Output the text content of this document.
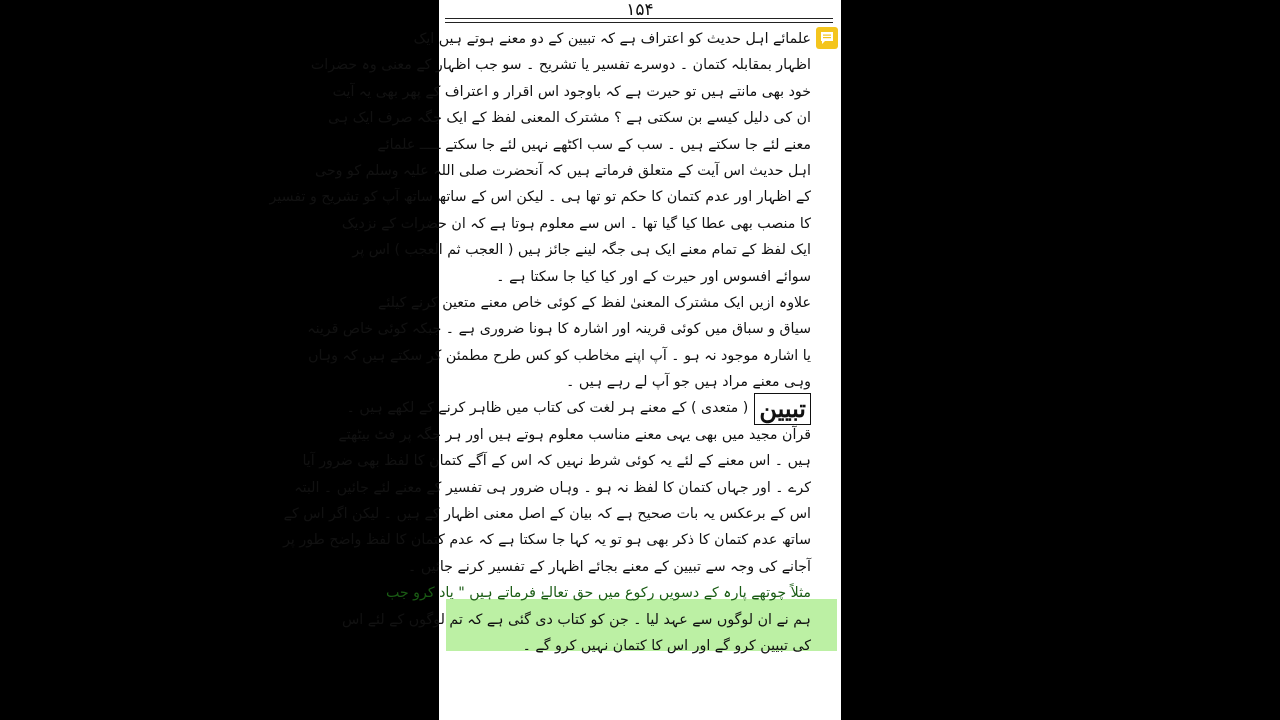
۱۵۴
علمائے اہل حدیث کو اعتراف ہے کہ تبیین کے دو معنے ہوتے ہیں ایک
اظہار بمقابلہ کتمان ۔ دوسرے تفسیر یا تشریح ۔ سو جب اظہار کے معنی وہ حضرات
خود بھی مانتے ہیں تو حیرت ہے کہ باوجود اس اقرار و اعتراف کے پھر بھی یہ آیت
ان کی دلیل کیسے بن سکتی ہے ؟ مشترک المعنی لفظ کے ایک جگہ صرف ایک ہی
معنے لئے جا سکتے ہیں ۔ سب کے سب اکٹھے نہیں لئے جا سکتے ـــــ علمائے
اہل حدیث اس آیت کے متعلق فرماتے ہیں کہ آنحضرت صلی اللہ علیہ وسلم کو وحی
کے اظہار اور عدم کتمان کا حکم تو تھا ہی ۔ لیکن اس کے ساتھ ساتھ آپ کو تشریح و تفسیر
کا منصب بھی عطا کیا گیا تھا ۔ اس سے معلوم ہوتا ہے کہ ان حضرات کے نزدیک
ایک لفظ کے تمام معنے ایک ہی جگہ لینے جائز ہیں ( العجب ثم العجب ) اس پر
سوائے افسوس اور حیرت کے اور کیا کیا جا سکتا ہے ۔
علاوہ ازیں ایک مشترک المعنیٰ لفظ کے کوئی خاص معنے متعین کرنے کیلئے
سیاق و سباق میں کوئی قرینہ اور اشارہ کا ہونا ضروری ہے ۔ جبکہ کوئی خاص قرینہ
یا اشارہ موجود نہ ہو ۔ آپ اپنے مخاطب کو کس طرح مطمئن کر سکتے ہیں کہ وہاں
وہی معنے مراد ہیں جو آپ لے رہے ہیں ۔
تبیین
( متعدی ) کے معنے ہر لغت کی کتاب میں ظاہر کرنے کے لکھے ہیں ۔
قرآن مجید میں بھی یہی معنے مناسب معلوم ہوتے ہیں اور ہر جگہ پر فٹ بیٹھتے
ہیں ۔ اس معنے کے لئے یہ کوئی شرط نہیں کہ اس کے آگے کتمان کا لفظ بھی ضرور آیا
کرے ۔ اور جہاں کتمان کا لفظ نہ ہو ۔ وہاں ضرور ہی تفسیر کے معنے لئے جائیں ۔ البتہ
اس کے برعکس یہ بات صحیح ہے کہ بیان کے اصل معنی اظہار کے ہیں ۔ لیکن اگر اس کے
ساتھ عدم کتمان کا ذکر بھی ہو تو یہ کہا جا سکتا ہے کہ عدم کتمان کا لفظ واضح طور پر
آجانے کی وجہ سے تبیین کے معنے بجائے اظہار کے تفسیر کرنے جائیں ۔
مثلاً چوتھے پارہ کے دسویں رکوع میں حق تعالےٰ فرماتے ہیں " یاد کرو جب
ہم نے ان لوگوں سے عہد لیا ۔ جن کو کتاب دی گئی ہے کہ تم لوگوں کے لئے اس
کی تبیین کرو گے اور اس کا کتمان نہیں کرو گے ۔
